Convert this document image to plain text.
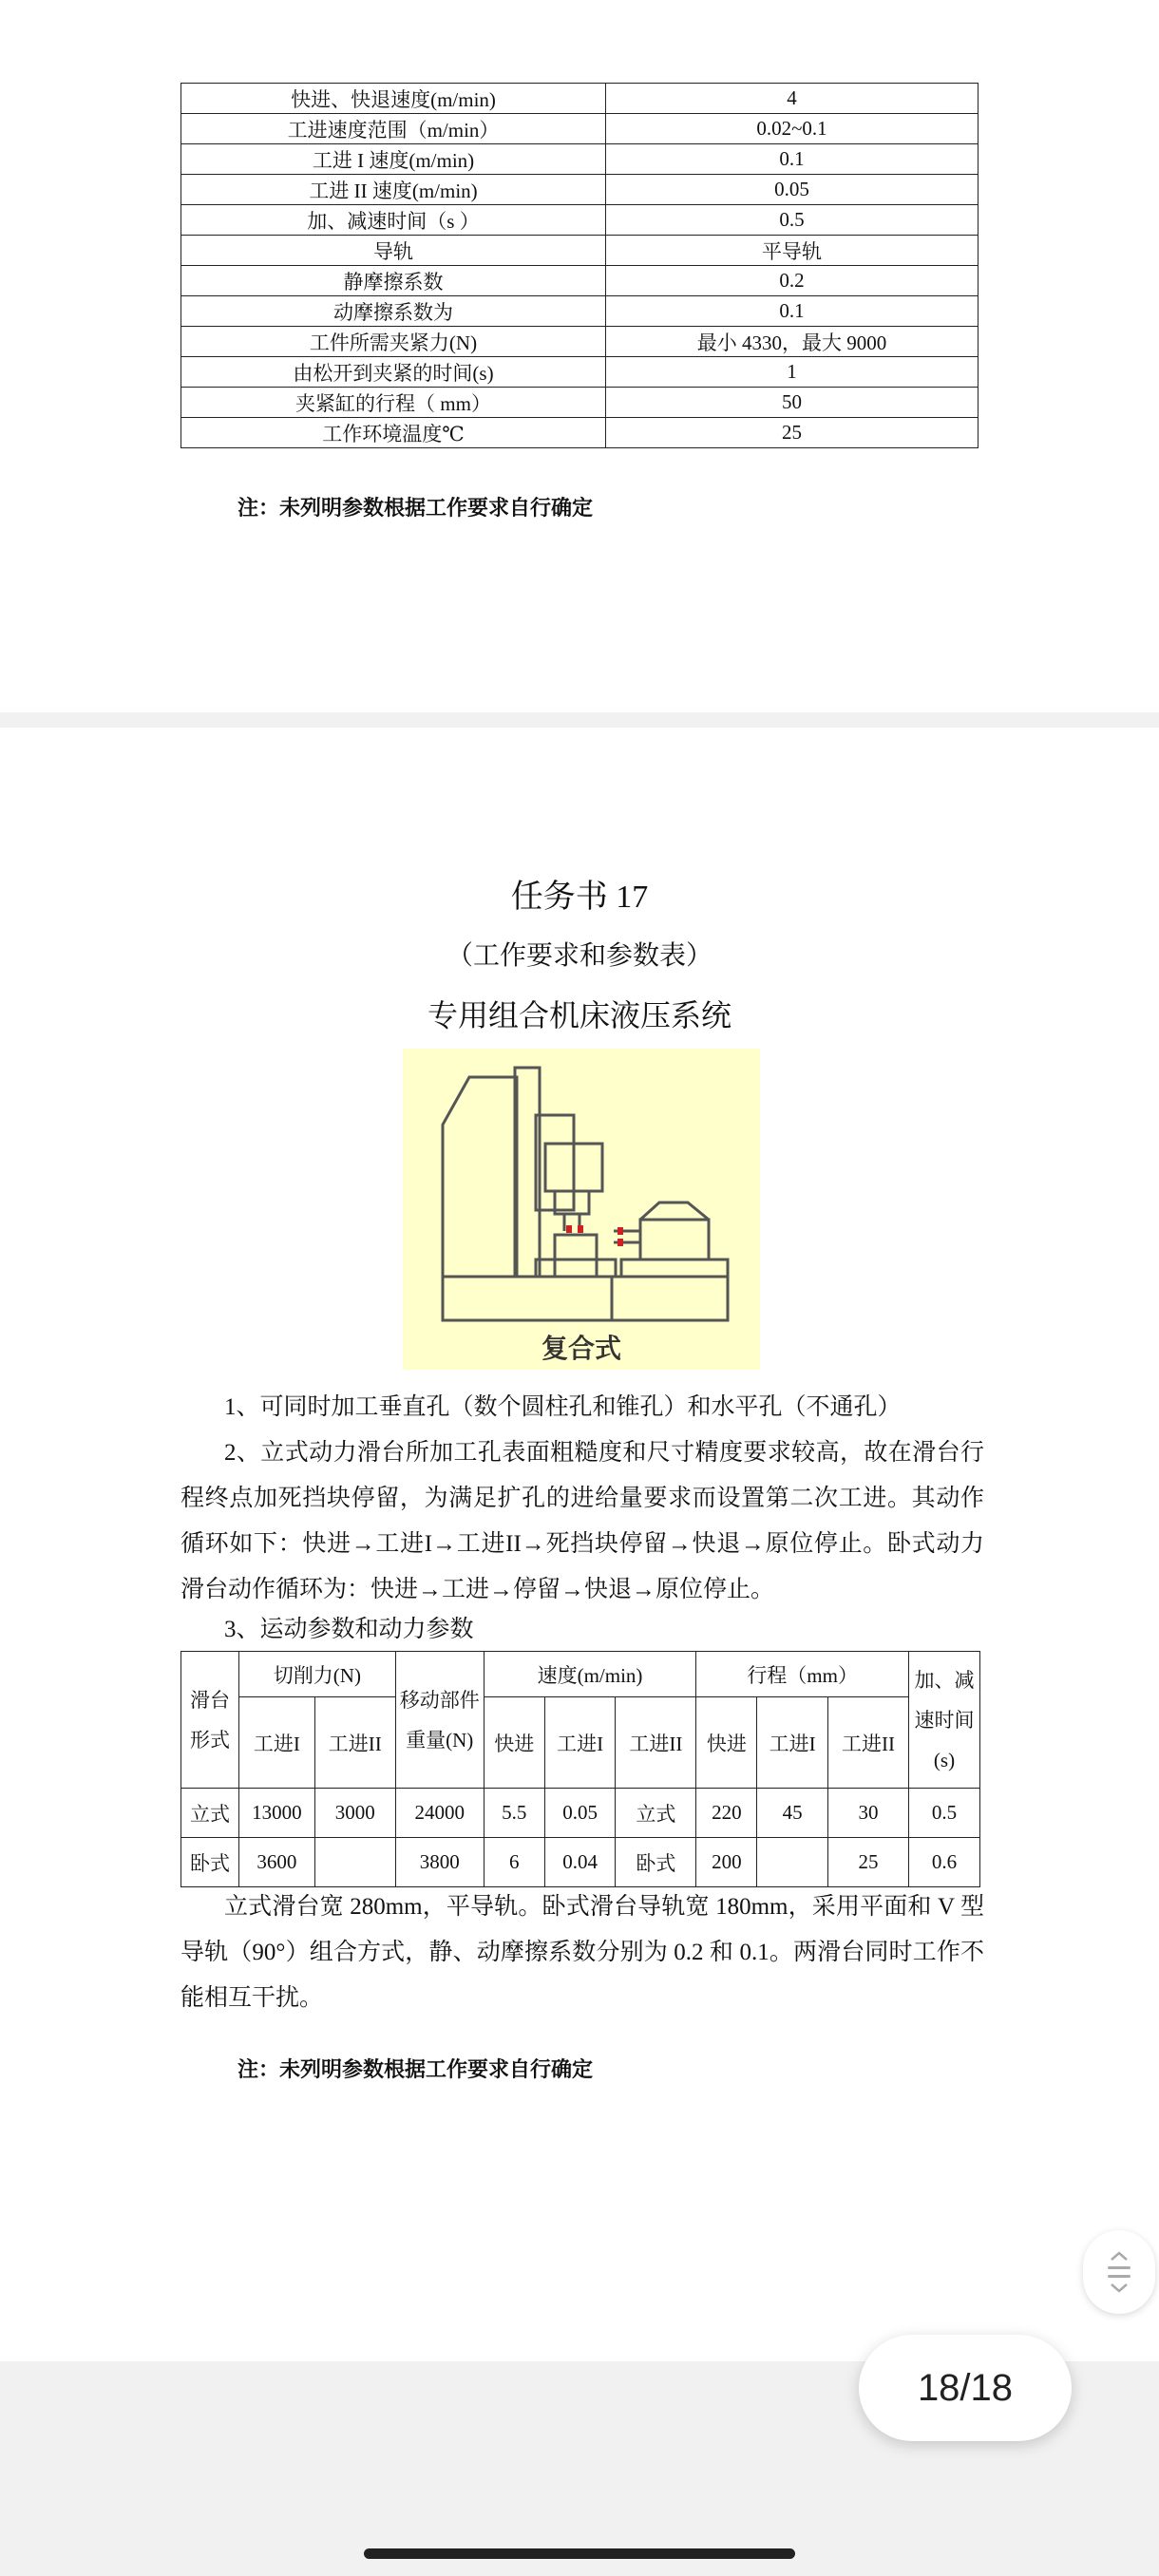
快进、快退速度(m/min)	4
工进速度范围（m/min）	0.02~0.1
工进 I 速度(m/min)	0.1
工进 II 速度(m/min)	0.05
加、减速时间（s ）	0.5
导轨	平导轨
静摩擦系数	0.2
动摩擦系数为	0.1
工件所需夹紧力(N)	最小 4330，最大 9000
由松开到夹紧的时间(s)	1
夹紧缸的行程（ mm）	50
工作环境温度℃	25
注：未列明参数根据工作要求自行确定
任务书 17
（工作要求和参数表）
专用组合机床液压系统
复合式
1、可同时加工垂直孔（数个圆柱孔和锥孔）和水平孔（不通孔）
2、立式动力滑台所加工孔表面粗糙度和尺寸精度要求较高，故在滑台行程终点加死挡块停留，为满足扩孔的进给量要求而设置第二次工进。其动作循环如下：快进→工进I→工进II→死挡块停留→快退→原位停止。卧式动力滑台动作循环为：快进→工进→停留→快退→原位停止。
3、运动参数和动力参数
滑台形式	切削力(N)		移动部件重量(N)	速度(m/min)			行程（mm）			加、减速时间(s)
	工进I	工进II		快进	工进I	工进II	快进	工进I	工进II	
立式	13000	3000	24000	5.5	0.05	立式	220	45	30	0.5
卧式	3600		3800	6	0.04	卧式	200		25	0.6
立式滑台宽 280mm，平导轨。卧式滑台导轨宽 180mm，采用平面和 V 型导轨（90°）组合方式，静、动摩擦系数分别为 0.2 和 0.1。两滑台同时工作不能相互干扰。
注：未列明参数根据工作要求自行确定
18/18
